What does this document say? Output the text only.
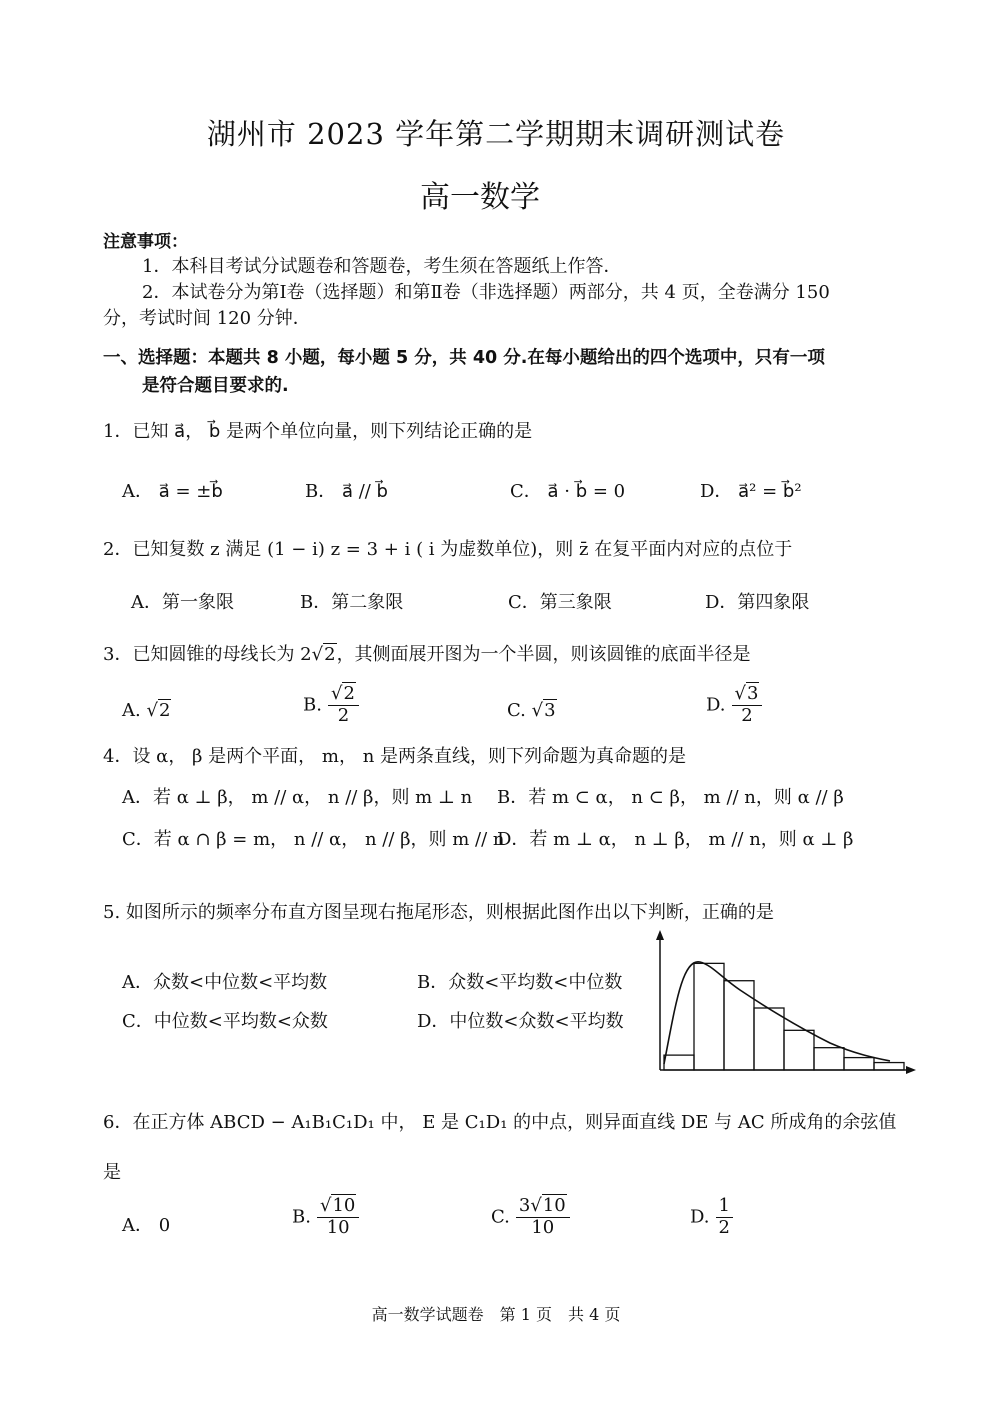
湖州市 2023 学年第二学期期末调研测试卷
高一数学
注意事项：
1．本科目考试分试题卷和答题卷，考生须在答题纸上作答．
2．本试卷分为第Ⅰ卷（选择题）和第Ⅱ卷（非选择题）两部分，共 4 页，全卷满分 150
分，考试时间 120 分钟．
一、选择题：本题共 8 小题，每小题 5 分，共 40 分.在每小题给出的四个选项中，只有一项
是符合题目要求的.
1．已知 a⃗， b⃗ 是两个单位向量，则下列结论正确的是
A． a⃗ = ±b⃗	B． a⃗ // b⃗	C． a⃗ · b⃗ = 0	D． a⃗² = b⃗²
2．已知复数 z 满足 (1 − i) z = 3 + i ( i 为虚数单位)，则 z̄ 在复平面内对应的点位于
A．第一象限	B．第二象限	C．第三象限	D．第四象限
3．已知圆锥的母线长为 2√2，其侧面展开图为一个半圆，则该圆锥的底面半径是
A. √2	B. $\frac{√2}{2}$	C. √3	D. $\frac{√3}{2}$
4．设 α， β 是两个平面， m， n 是两条直线，则下列命题为真命题的是
A．若 α ⊥ β， m // α， n // β，则 m ⊥ n B．若 m ⊂ α， n ⊂ β， m // n，则 α // β
C．若 α ∩ β = m， n // α， n // β，则 m // n
D．若 m ⊥ α， n ⊥ β， m // n，则 α ⊥ β
5. 如图所示的频率分布直方图呈现右拖尾形态，则根据此图作出以下判断，正确的是
A．众数<中位数<平均数	B．众数<平均数<中位数
C．中位数<平均数<众数	D．中位数<众数<平均数
6．在正方体 ABCD − A₁B₁C₁D₁ 中， E 是 C₁D₁ 的中点，则异面直线 DE 与 AC 所成角的余弦值
是
A． 0	B. $\frac{√10}{10}$	C. $\frac{3√10}{10}$	D. $\frac{1}{2}$
高一数学试题卷　第 1 页　共 4 页
